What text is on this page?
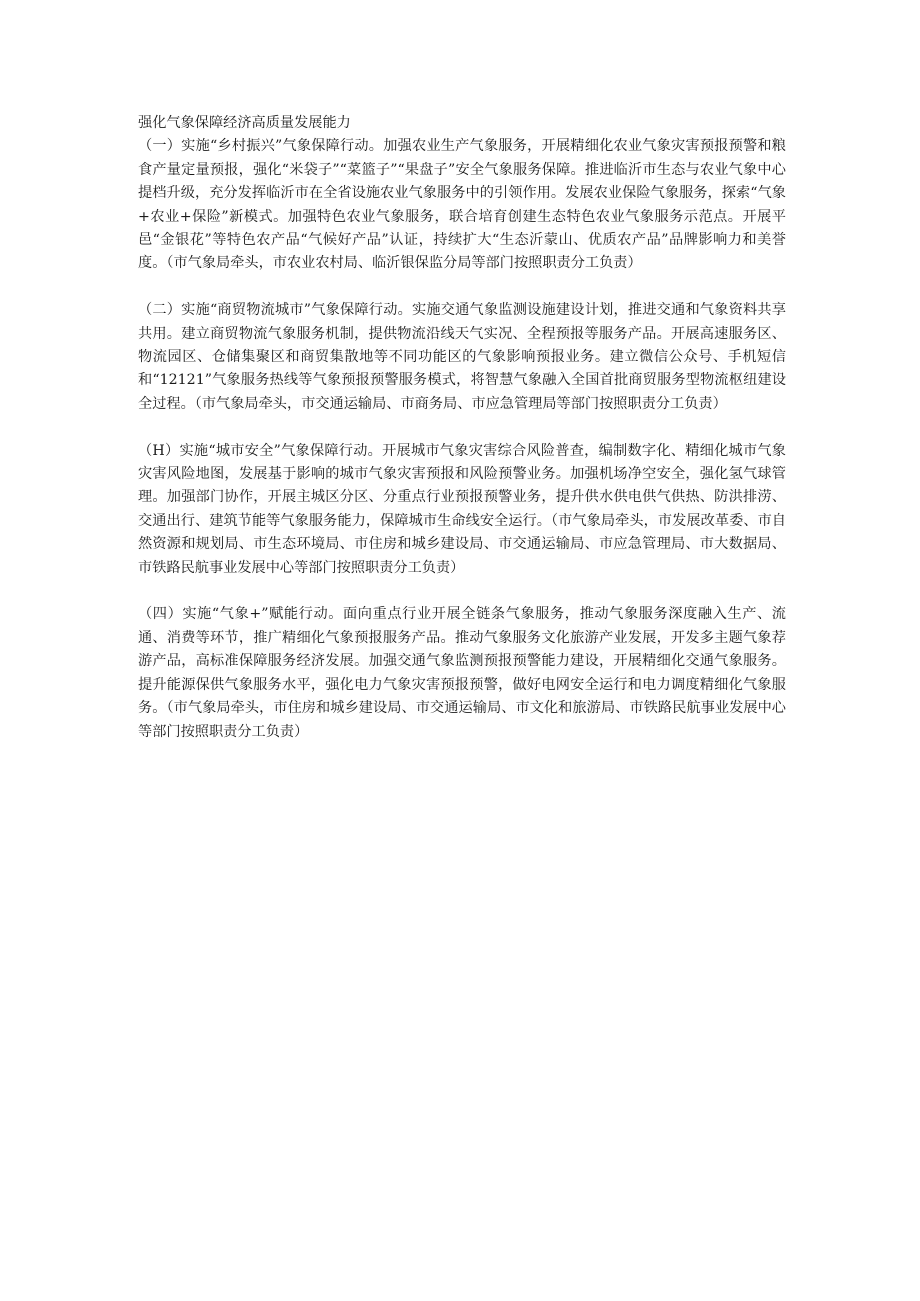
强化气象保障经济高质量发展能力

（一）实施“乡村振兴”气象保障行动。加强农业生产气象服务，开展精细化农业气象灾害预报预警和粮食产量定量预报，强化“米袋子”“菜篮子”“果盘子”安全气象服务保障。推进临沂市生态与农业气象中心提档升级，充分发挥临沂市在全省设施农业气象服务中的引领作用。发展农业保险气象服务，探索“气象+农业+保险”新模式。加强特色农业气象服务，联合培育创建生态特色农业气象服务示范点。开展平邑“金银花”等特色农产品“气候好产品”认证，持续扩大“生态沂蒙山、优质农产品”品牌影响力和美誉度。（市气象局牵头，市农业农村局、临沂银保监分局等部门按照职责分工负责）

（二）实施“商贸物流城市”气象保障行动。实施交通气象监测设施建设计划，推进交通和气象资料共享共用。建立商贸物流气象服务机制，提供物流沿线天气实况、全程预报等服务产品。开展高速服务区、物流园区、仓储集聚区和商贸集散地等不同功能区的气象影响预报业务。建立微信公众号、手机短信和“12121”气象服务热线等气象预报预警服务模式，将智慧气象融入全国首批商贸服务型物流枢纽建设全过程。（市气象局牵头，市交通运输局、市商务局、市应急管理局等部门按照职责分工负责）

（H）实施“城市安全”气象保障行动。开展城市气象灾害综合风险普查，编制数字化、精细化城市气象灾害风险地图，发展基于影响的城市气象灾害预报和风险预警业务。加强机场净空安全，强化氢气球管理。加强部门协作，开展主城区分区、分重点行业预报预警业务，提升供水供电供气供热、防洪排涝、交通出行、建筑节能等气象服务能力，保障城市生命线安全运行。（市气象局牵头，市发展改革委、市自然资源和规划局、市生态环境局、市住房和城乡建设局、市交通运输局、市应急管理局、市大数据局、市铁路民航事业发展中心等部门按照职责分工负责）

（四）实施“气象+”赋能行动。面向重点行业开展全链条气象服务，推动气象服务深度融入生产、流通、消费等环节，推广精细化气象预报服务产品。推动气象服务文化旅游产业发展，开发多主题气象荐游产品，高标准保障服务经济发展。加强交通气象监测预报预警能力建设，开展精细化交通气象服务。提升能源保供气象服务水平，强化电力气象灾害预报预警，做好电网安全运行和电力调度精细化气象服务。（市气象局牵头，市住房和城乡建设局、市交通运输局、市文化和旅游局、市铁路民航事业发展中心等部门按照职责分工负责）
